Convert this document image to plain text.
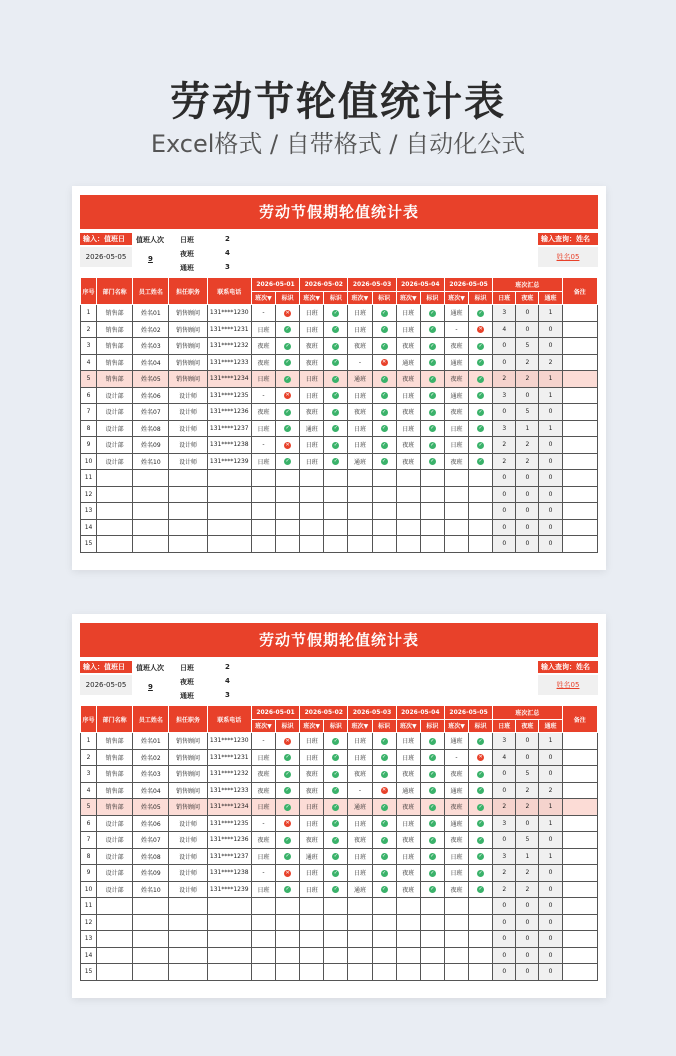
劳动节轮值统计表
Excel格式 / 自带格式 / 自动化公式
劳动节假期轮值统计表
输入：值班日
2026-05-05
值班人次
9
日班	2
夜班	4
通班	3
输入查询：姓名
姓名05
序号	部门名称	员工姓名	担任职务	联系电话	2026-05-01		2026-05-02		2026-05-03		2026-05-04		2026-05-05		班次汇总			备注
					班次▼	标识	班次▼	标识	班次▼	标识	班次▼	标识	班次▼	标识	日班	夜班	通班	
1	销售部	姓名01	销售顾问	131****1230	-	✕	日班	✓	日班	✓	日班	✓	通班	✓	3	0	1	
2	销售部	姓名02	销售顾问	131****1231	日班	✓	日班	✓	日班	✓	日班	✓	-	✕	4	0	0	
3	销售部	姓名03	销售顾问	131****1232	夜班	✓	夜班	✓	夜班	✓	夜班	✓	夜班	✓	0	5	0	
4	销售部	姓名04	销售顾问	131****1233	夜班	✓	夜班	✓	-	✕	通班	✓	通班	✓	0	2	2	
5	销售部	姓名05	销售顾问	131****1234	日班	✓	日班	✓	通班	✓	夜班	✓	夜班	✓	2	2	1	
6	设计部	姓名06	设计师	131****1235	-	✕	日班	✓	日班	✓	日班	✓	通班	✓	3	0	1	
7	设计部	姓名07	设计师	131****1236	夜班	✓	夜班	✓	夜班	✓	夜班	✓	夜班	✓	0	5	0	
8	设计部	姓名08	设计师	131****1237	日班	✓	通班	✓	日班	✓	日班	✓	日班	✓	3	1	1	
9	设计部	姓名09	设计师	131****1238	-	✕	日班	✓	日班	✓	夜班	✓	日班	✓	2	2	0	
10	设计部	姓名10	设计师	131****1239	日班	✓	日班	✓	通班	✓	夜班	✓	夜班	✓	2	2	0	
11															0	0	0	
12															0	0	0	
13															0	0	0	
14															0	0	0	
15															0	0	0	
劳动节假期轮值统计表
输入：值班日
2026-05-05
值班人次
9
日班	2
夜班	4
通班	3
输入查询：姓名
姓名05
序号	部门名称	员工姓名	担任职务	联系电话	2026-05-01		2026-05-02		2026-05-03		2026-05-04		2026-05-05		班次汇总			备注
					班次▼	标识	班次▼	标识	班次▼	标识	班次▼	标识	班次▼	标识	日班	夜班	通班	
1	销售部	姓名01	销售顾问	131****1230	-	✕	日班	✓	日班	✓	日班	✓	通班	✓	3	0	1	
2	销售部	姓名02	销售顾问	131****1231	日班	✓	日班	✓	日班	✓	日班	✓	-	✕	4	0	0	
3	销售部	姓名03	销售顾问	131****1232	夜班	✓	夜班	✓	夜班	✓	夜班	✓	夜班	✓	0	5	0	
4	销售部	姓名04	销售顾问	131****1233	夜班	✓	夜班	✓	-	✕	通班	✓	通班	✓	0	2	2	
5	销售部	姓名05	销售顾问	131****1234	日班	✓	日班	✓	通班	✓	夜班	✓	夜班	✓	2	2	1	
6	设计部	姓名06	设计师	131****1235	-	✕	日班	✓	日班	✓	日班	✓	通班	✓	3	0	1	
7	设计部	姓名07	设计师	131****1236	夜班	✓	夜班	✓	夜班	✓	夜班	✓	夜班	✓	0	5	0	
8	设计部	姓名08	设计师	131****1237	日班	✓	通班	✓	日班	✓	日班	✓	日班	✓	3	1	1	
9	设计部	姓名09	设计师	131****1238	-	✕	日班	✓	日班	✓	夜班	✓	日班	✓	2	2	0	
10	设计部	姓名10	设计师	131****1239	日班	✓	日班	✓	通班	✓	夜班	✓	夜班	✓	2	2	0	
11															0	0	0	
12															0	0	0	
13															0	0	0	
14															0	0	0	
15															0	0	0	
